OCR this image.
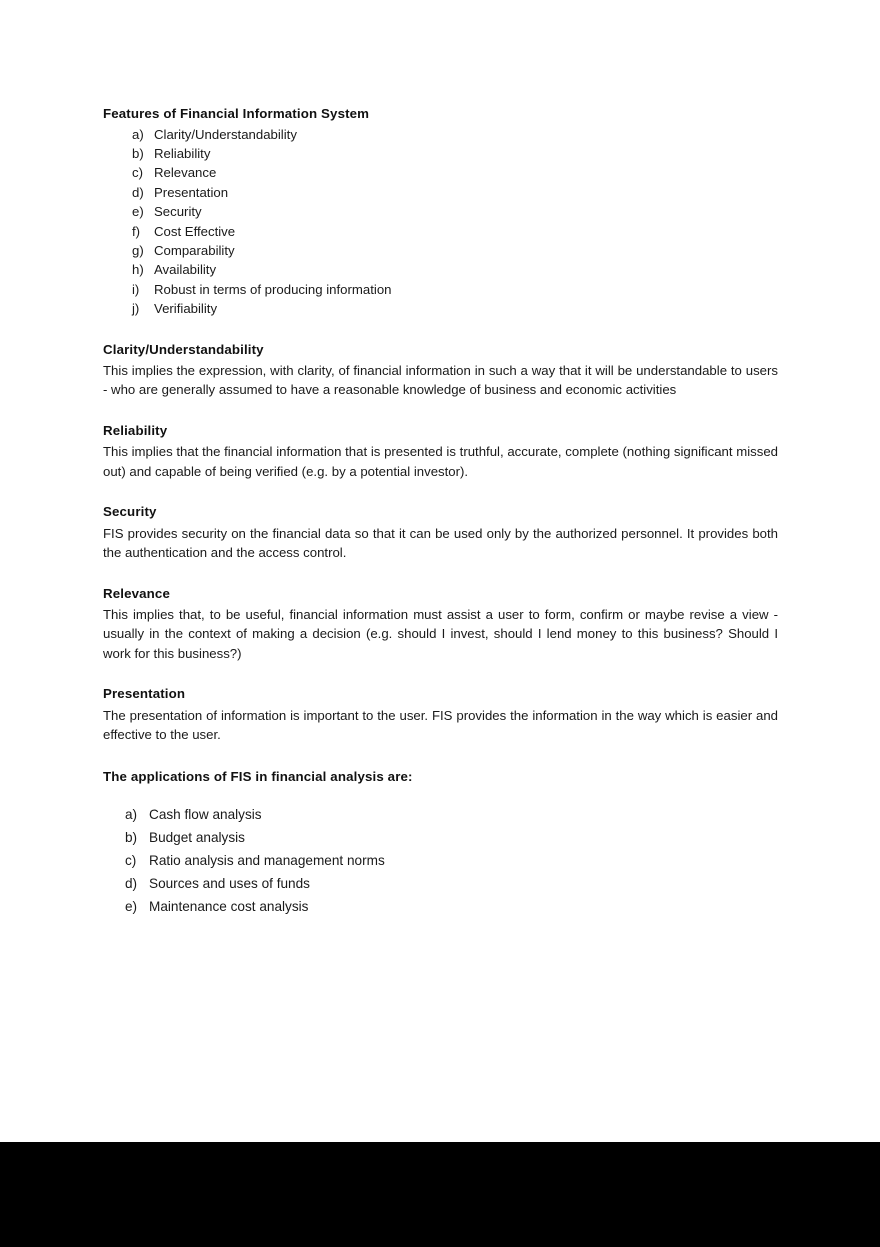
Features of Financial Information System
a) Clarity/Understandability
b) Reliability
c) Relevance
d) Presentation
e) Security
f)	Cost Effective
g) Comparability
h) Availability
i)	Robust in terms of producing information
j)	Verifiability
Clarity/Understandability

This implies the expression, with clarity, of financial information in such a way that it will be understandable to users - who are generally assumed to have a reasonable knowledge of business and economic activities

Reliability

This implies that the financial information that is presented is truthful, accurate, complete (nothing significant missed out) and capable of being verified (e.g. by a potential investor).

Security

FIS provides security on the financial data so that it can be used only by the authorized personnel. It provides both the authentication and the access control.

Relevance

This implies that, to be useful, financial information must assist a user to form, confirm or maybe revise a view - usually in the context of making a decision (e.g. should I invest, should I lend money to this business? Should I work for this business?)

Presentation

The presentation of information is important to the user. FIS provides the information in the way which is easier and effective to the user.

The applications of FIS in financial analysis are:
a) Cash flow analysis
b) Budget analysis
c) Ratio analysis and management norms
d) Sources and uses of funds
e) Maintenance cost analysis
